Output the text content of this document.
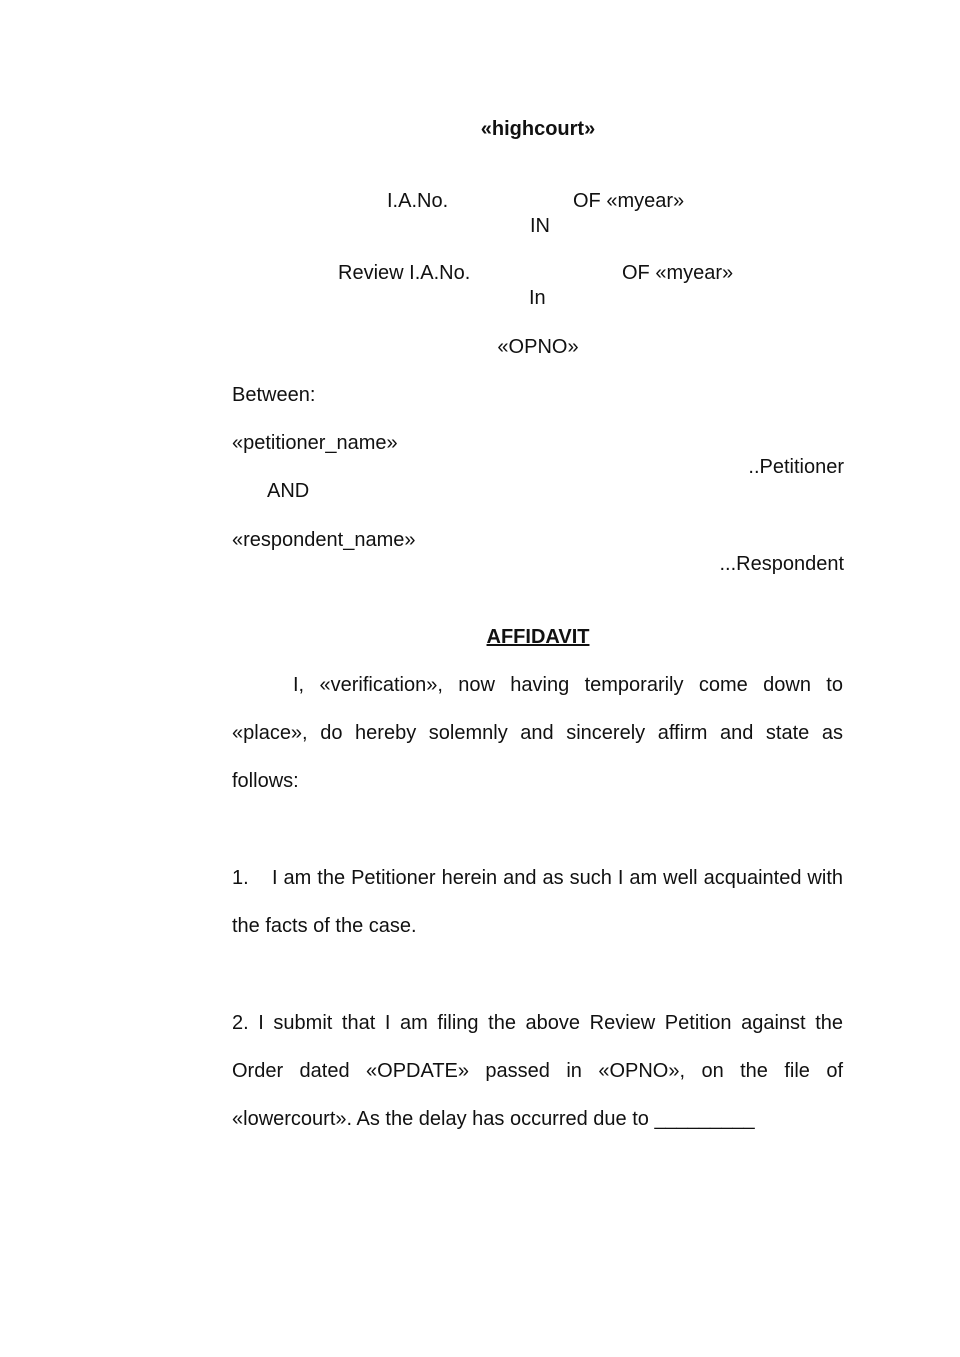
«highcourt»
I.A.No.	OF «myear»
IN
Review I.A.No.	OF «myear»
In
«OPNO»
Between:
«petitioner_name»
..Petitioner
AND
«respondent_name»
...Respondent
AFFIDAVIT

I, «verification», now having temporarily come down to «place», do hereby solemnly and sincerely affirm and state as follows:

1. I am the Petitioner herein and as such I am well acquainted with the facts of the case.

2. I submit that I am filing the above Review Petition against the Order dated «OPDATE» passed in «OPNO», on the file of «lowercourt». As the delay has occurred due to _________
